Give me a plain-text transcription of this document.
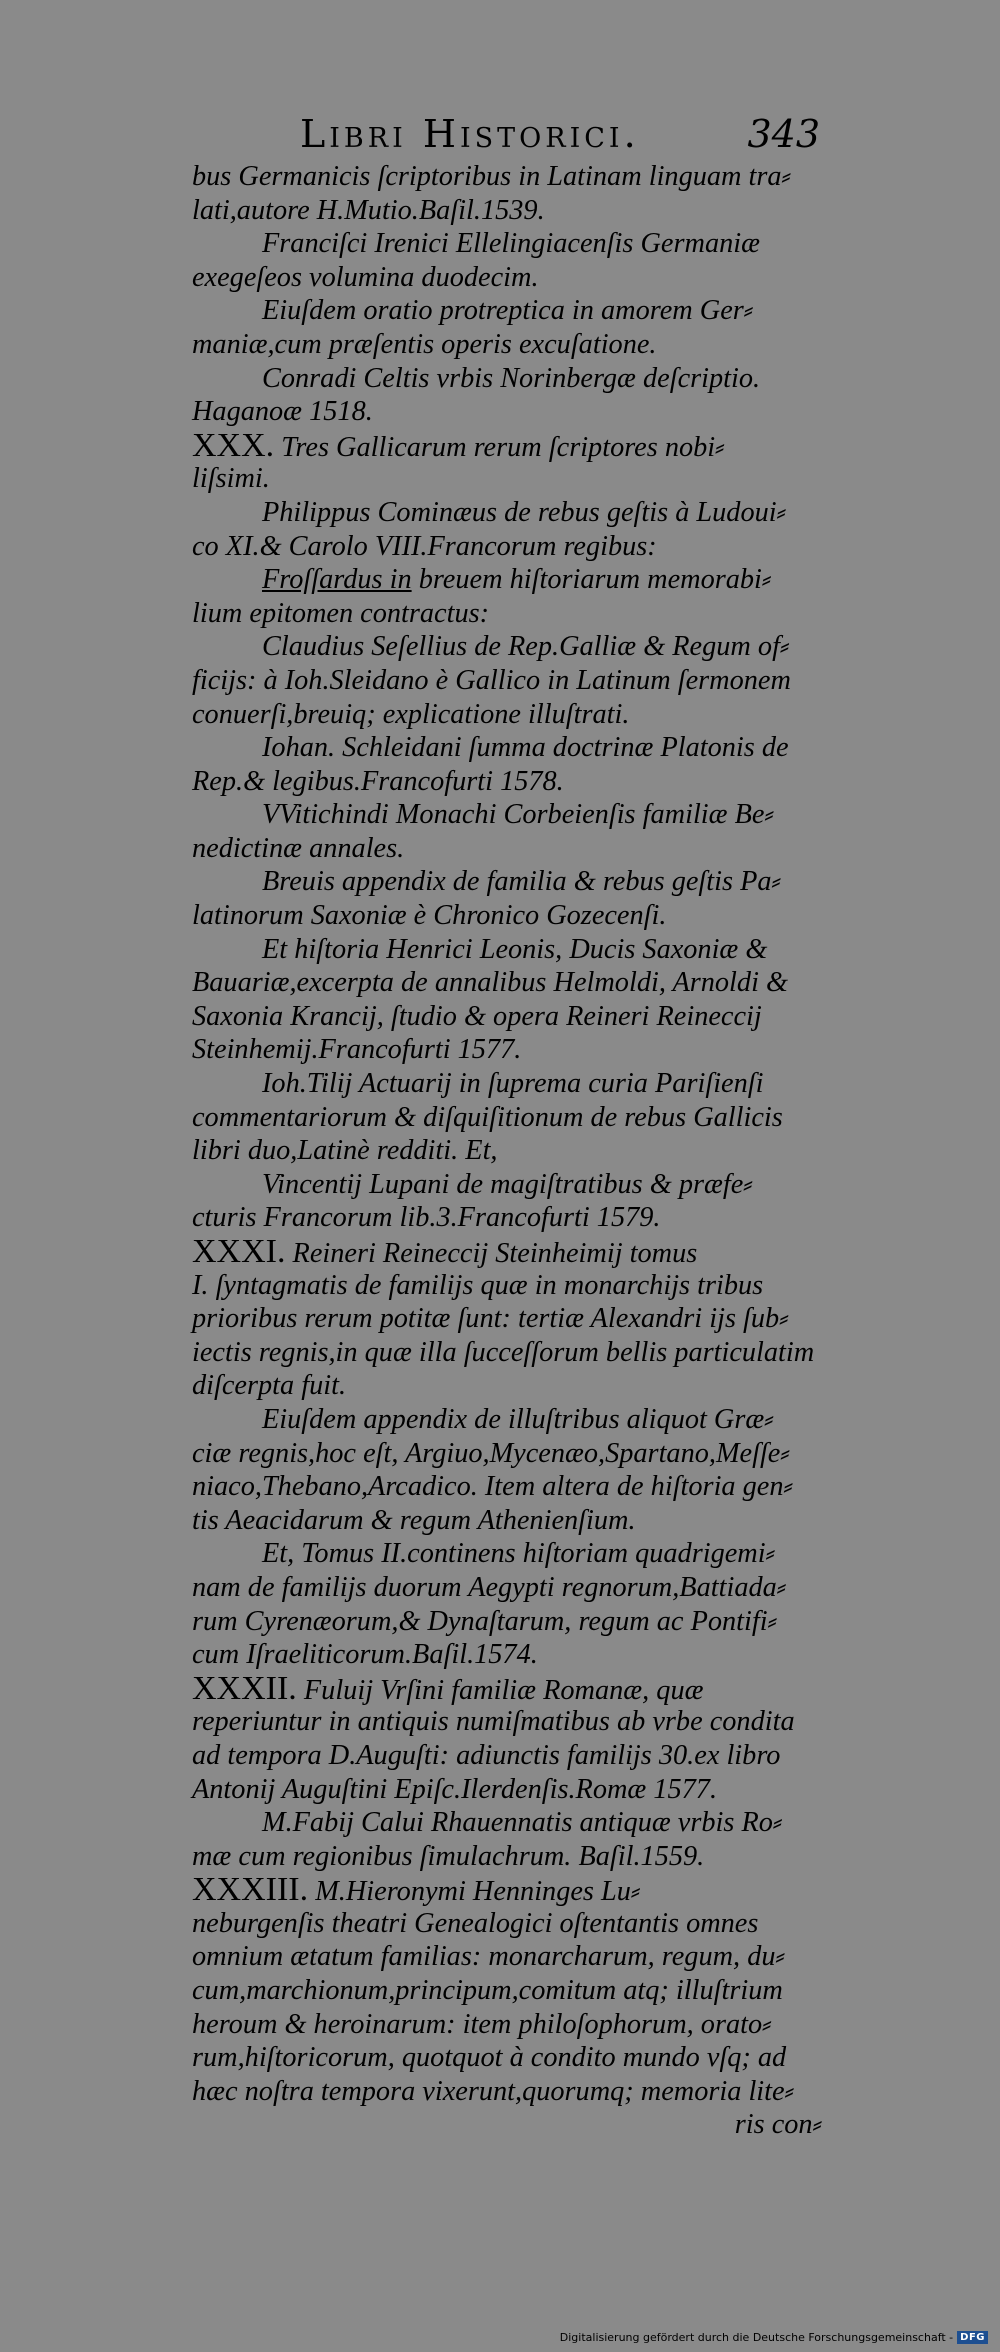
Libri Historici.	343
bus Germanicis ſcriptoribus in Latinam linguam tra⸗
lati,autore H.Mutio.Baſil.1539.
Franciſci Irenici Ellelingiacenſis Germaniæ
exegeſeos volumina duodecim.
Eiuſdem oratio protreptica in amorem Ger⸗
maniæ,cum præſentis operis excuſatione.
Conradi Celtis vrbis Norinbergæ deſcriptio.
Haganoæ 1518.
XXX. Tres Gallicarum rerum ſcriptores nobi⸗
liſsimi.
Philippus Cominæus de rebus geſtis à Ludoui⸗
co XI.& Carolo VIII.Francorum regibus:
Froſſardus in breuem hiſtoriarum memorabi⸗
lium epitomen contractus:
Claudius Seſellius de Rep.Galliæ & Regum of⸗
ficijs: à Ioh.Sleidano è Gallico in Latinum ſermonem
conuerſi,breuiq; explicatione illuſtrati.
Iohan. Schleidani ſumma doctrinæ Platonis de
Rep.& legibus.Francofurti 1578.
VVitichindi Monachi Corbeienſis familiæ Be⸗
nedictinæ annales.
Breuis appendix de familia & rebus geſtis Pa⸗
latinorum Saxoniæ è Chronico Gozecenſi.
Et hiſtoria Henrici Leonis, Ducis Saxoniæ &
Bauariæ,excerpta de annalibus Helmoldi, Arnoldi &
Saxonia Krancij, ſtudio & opera Reineri Reineccij
Steinhemij.Francofurti 1577.
Ioh.Tilij Actuarij in ſuprema curia Pariſienſi
commentariorum & diſquiſitionum de rebus Gallicis
libri duo,Latinè redditi. Et,
Vincentij Lupani de magiſtratibus & præfe⸗
cturis Francorum lib.3.Francofurti 1579.
XXXI. Reineri Reineccij Steinheimij tomus
I. ſyntagmatis de familijs quæ in monarchijs tribus
prioribus rerum potitæ ſunt: tertiæ Alexandri ijs ſub⸗
iectis regnis,in quæ illa ſucceſſorum bellis particulatim
diſcerpta fuit.
Eiuſdem appendix de illuſtribus aliquot Græ⸗
ciæ regnis,hoc eſt, Argiuo,Mycenæo,Spartano,Meſſe⸗
niaco,Thebano,Arcadico. Item altera de hiſtoria gen⸗
tis Aeacidarum & regum Athenienſium.
Et, Tomus II.continens hiſtoriam quadrigemi⸗
nam de familijs duorum Aegypti regnorum,Battiada⸗
rum Cyrenæorum,& Dynaſtarum, regum ac Pontifi⸗
cum Iſraeliticorum.Baſil.1574.
XXXII. Fuluij Vrſini familiæ Romanæ, quæ
reperiuntur in antiquis numiſmatibus ab vrbe condita
ad tempora D.Auguſti: adiunctis familijs 30.ex libro
Antonij Auguſtini Epiſc.Ilerdenſis.Romæ 1577.
M.Fabij Calui Rhauennatis antiquæ vrbis Ro⸗
mæ cum regionibus ſimulachrum. Baſil.1559.
XXXIII. M.Hieronymi Henninges Lu⸗
neburgenſis theatri Genealogici oſtentantis omnes
omnium ætatum familias: monarcharum, regum, du⸗
cum,marchionum,principum,comitum atq; illuſtrium
heroum & heroinarum: item philoſophorum, orato⸗
rum,hiſtoricorum, quotquot à condito mundo vſq; ad
hæc noſtra tempora vixerunt,quorumq; memoria lite⸗
ris con⸗
Digitalisierung gefördert durch die Deutsche Forschungsgemeinschaft - DFG
